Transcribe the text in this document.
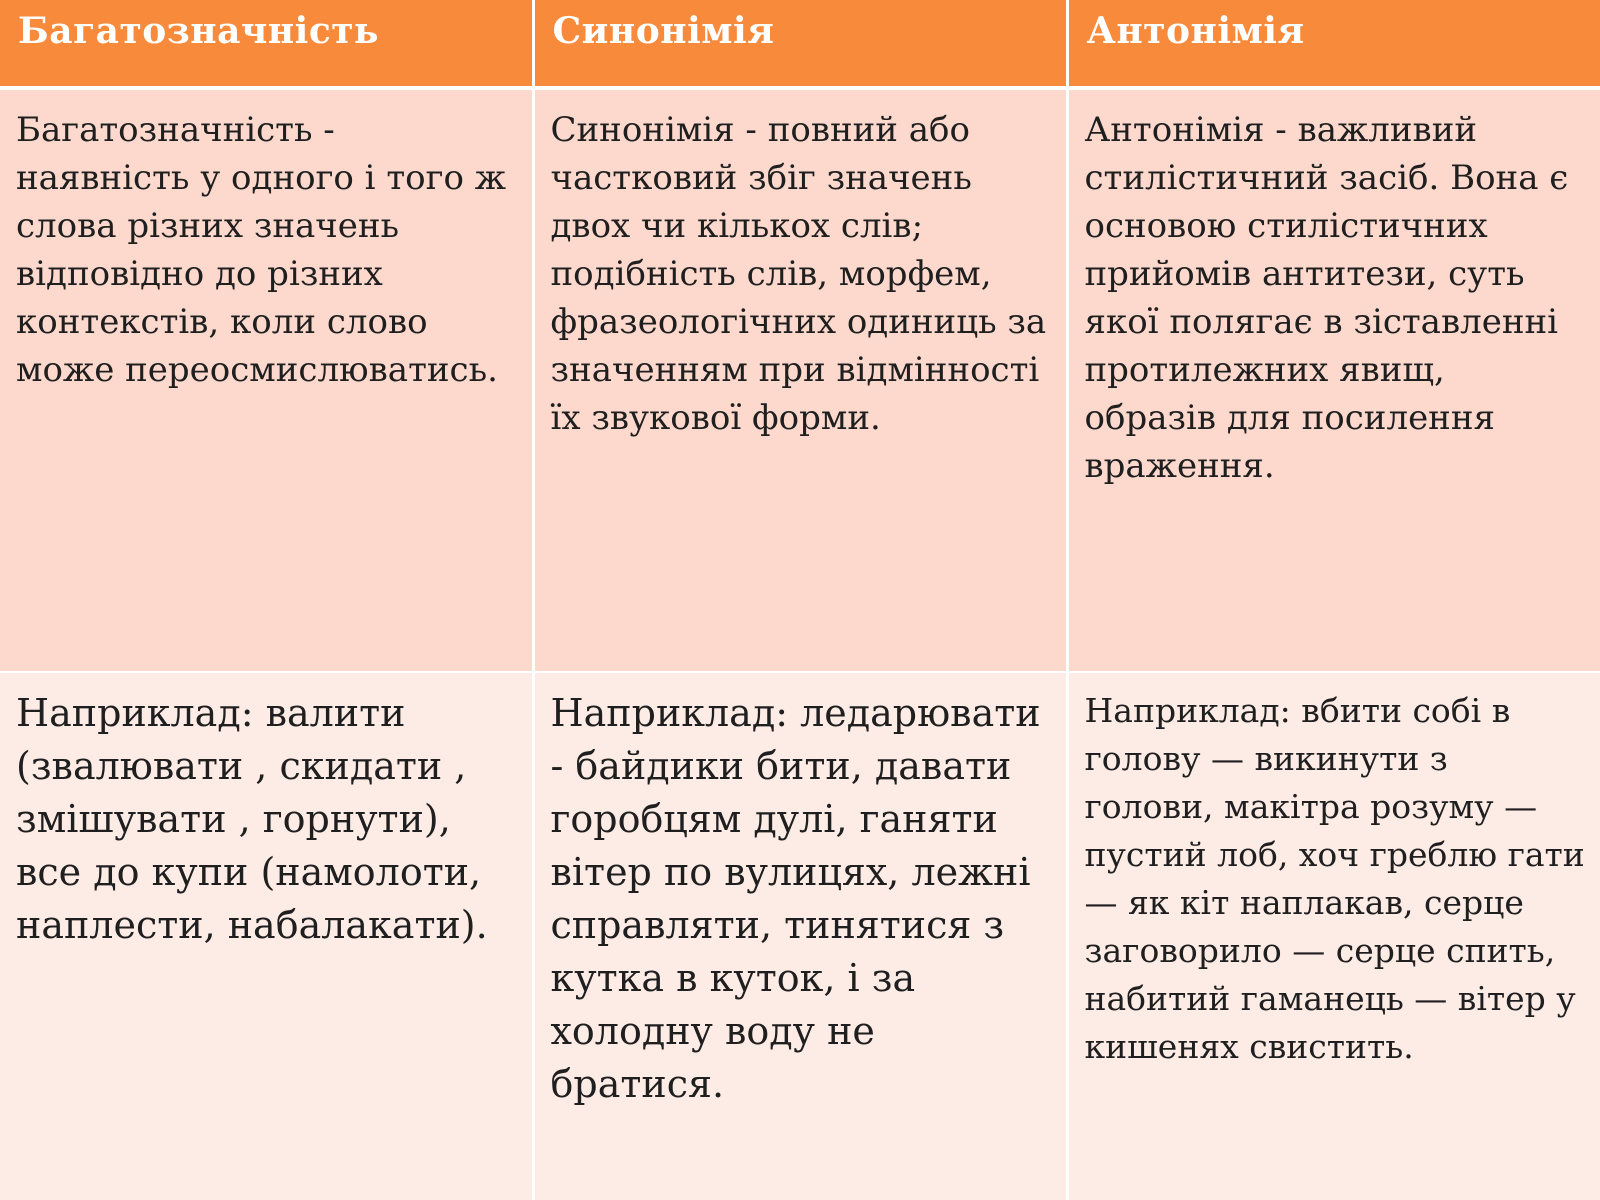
Багатозначність	Синонімія	Антонімія
Багатозначність - наявність у одного і того ж слова різних значень відповідно до різних контекстів, коли слово може переосмислюватись.	Синонімія - повний або частковий збіг значень двох чи кількох слів; подібність слів, морфем, фразеологічних одиниць за значенням при відмінності їх звукової форми.	Антонімія - важливий стилістичний засіб. Вона є основою стилістичних прийомів антитези, суть якої полягає в зіставленні протилежних явищ, образів для посилення враження.
Наприклад: валити (звалювати , скидати , змішувати , горнути), все до купи (намолоти, наплести, набалакати).	Наприклад: ледарювати - байдики бити, давати горобцям дулі, ганяти вітер по вулицях, лежні справляти, тинятися з кутка в куток, і за холодну воду не братися.	Наприклад: вбити собі в голову — викинути з голови, макітра розуму — пустий лоб, хоч греблю гати — як кіт наплакав, серце заговорило — серце спить, набитий гаманець — вітер у кишенях свистить.
